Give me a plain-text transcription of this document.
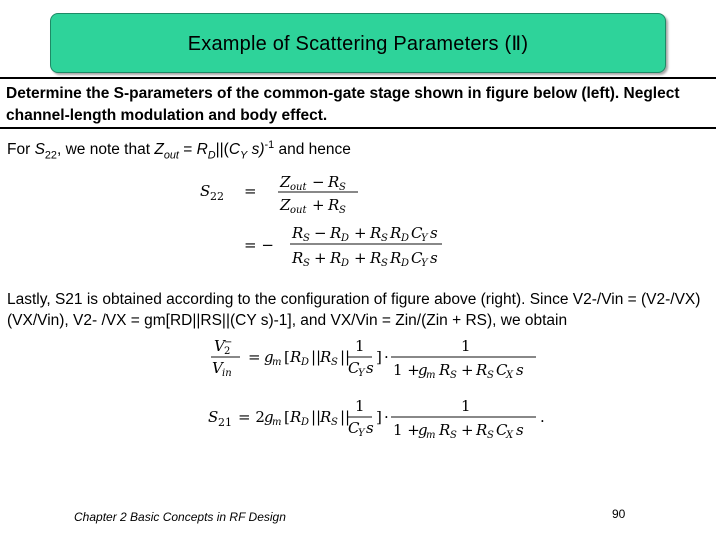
Example of Scattering Parameters (Ⅱ)
Determine the S-parameters of the common-gate stage shown in figure below (left). Neglect channel-length modulation and body effect.
For $S_{22}$, we note that $Z_{out} = R_D||(C_Y$ s)$^{-1}$ and hence
S 22 = Z out − R S
Z out + R S
= −
R S − R D + R S R D C
Y s
R S + R D + R S R D C
Y s
Lastly, S21 is obtained according to the configuration of figure above (right). Since V2-/Vin = (V2-/VX)(VX/Vin), V2- /VX = gm[RD||RS||(CY s)-1], and VX/Vin = Zin/(Zin + RS), we obtain
V 2
−
V in
= g
m [ R D ||
R S ||
1
C
Y s
] ·
1
1 +
g
m R S + R S C
X s
S 21 = 2 g
m [ R D ||
R S ||
1
C
Y s
] ·
1
1 +
g
m R S + R S C
X s
.
Chapter 2 Basic Concepts in RF Design	90
